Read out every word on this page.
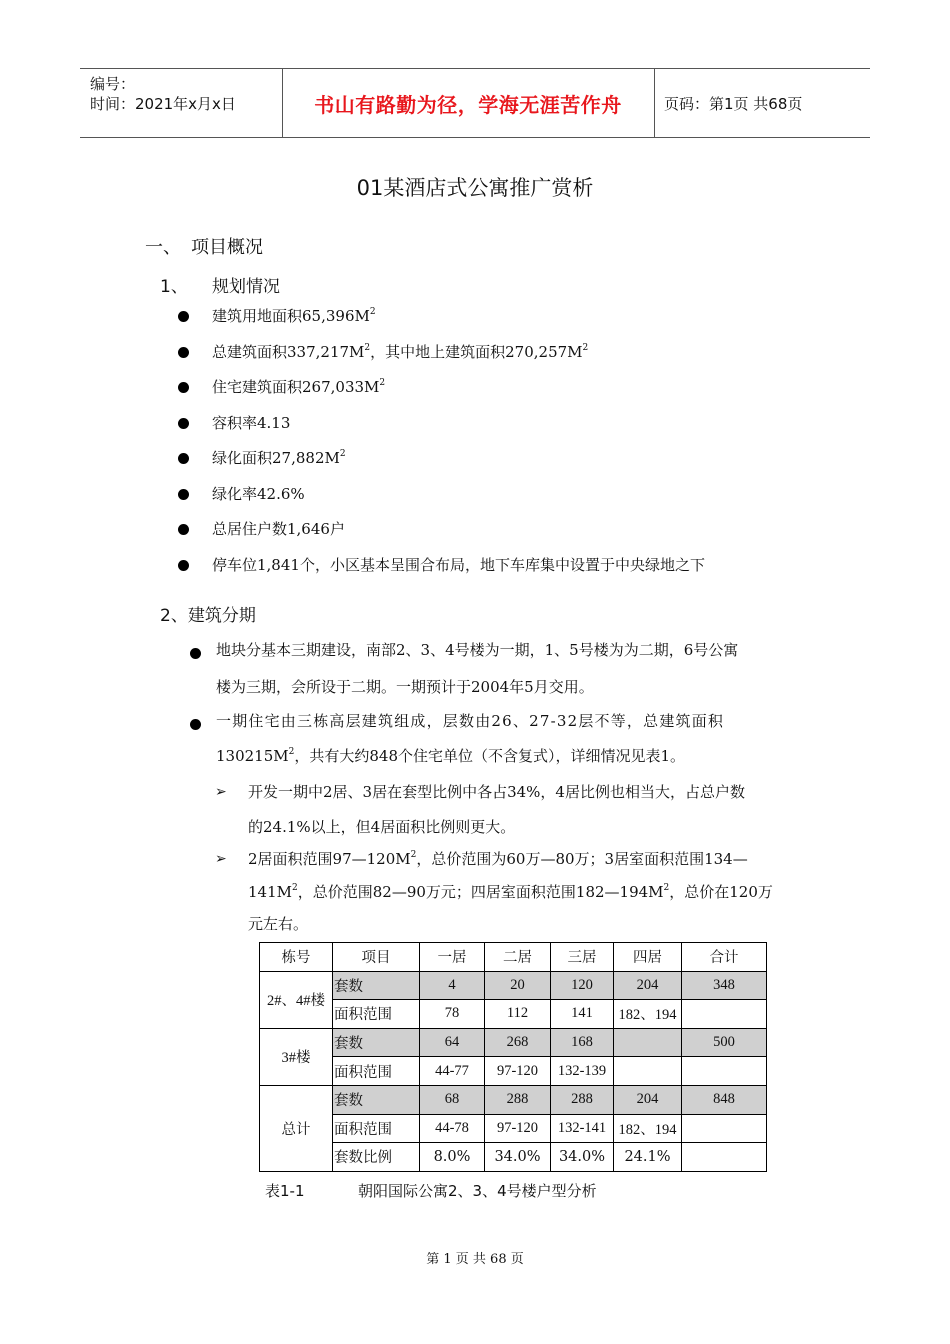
编号：
时间：2021年x月x日	书山有路勤为径，学海无涯苦作舟	页码：第1页 共68页
01某酒店式公寓推广赏析
一、 项目概况
1、 规划情况
建筑用地面积$65,396M^2$
总建筑面积$337,217M^2$，其中地上建筑面积$270,257M^2$
住宅建筑面积$267,033M^2$
容积率4.13
绿化面积$27,882M^2$
绿化率42.6%
总居住户数1,646户
停车位1,841个，小区基本呈围合布局，地下车库集中设置于中央绿地之下
2、建筑分期
地块分基本三期建设，南部2、3、4号楼为一期，1、5号楼为为二期，6号公寓
楼为三期，会所设于二期。一期预计于2004年5月交用。
一期住宅由三栋高层建筑组成，层数由26、27-32层不等，总建筑面积
$130215M^2$，共有大约848个住宅单位（不含复式），详细情况见表1。
➢ 开发一期中2居、3居在套型比例中各占34%，4居比例也相当大，占总户数
的24.1%以上，但4居面积比例则更大。
➢ 2居面积范围$97—120M^2$，总价范围为60万—80万；3居室面积范围134—
$141M^2$，总价范围82—90万元；四居室面积范围$182—194M^2$，总价在120万
元左右。
栋号	项目	一居	二居	三居	四居	合计
2#、4#楼	套数	4	20	120	204	348
	面积范围	78	112	141	182、194	
3#楼	套数	64	268	168		500
	面积范围	44-77	97-120	132-139		
总计	套数	68	288	288	204	848
	面积范围	44-78	97-120	132-141	182、194	
	套数比例	8.0%	34.0%	34.0%	24.1%	
表1-1	朝阳国际公寓2、3、4号楼户型分析
第 1 页 共 68 页
